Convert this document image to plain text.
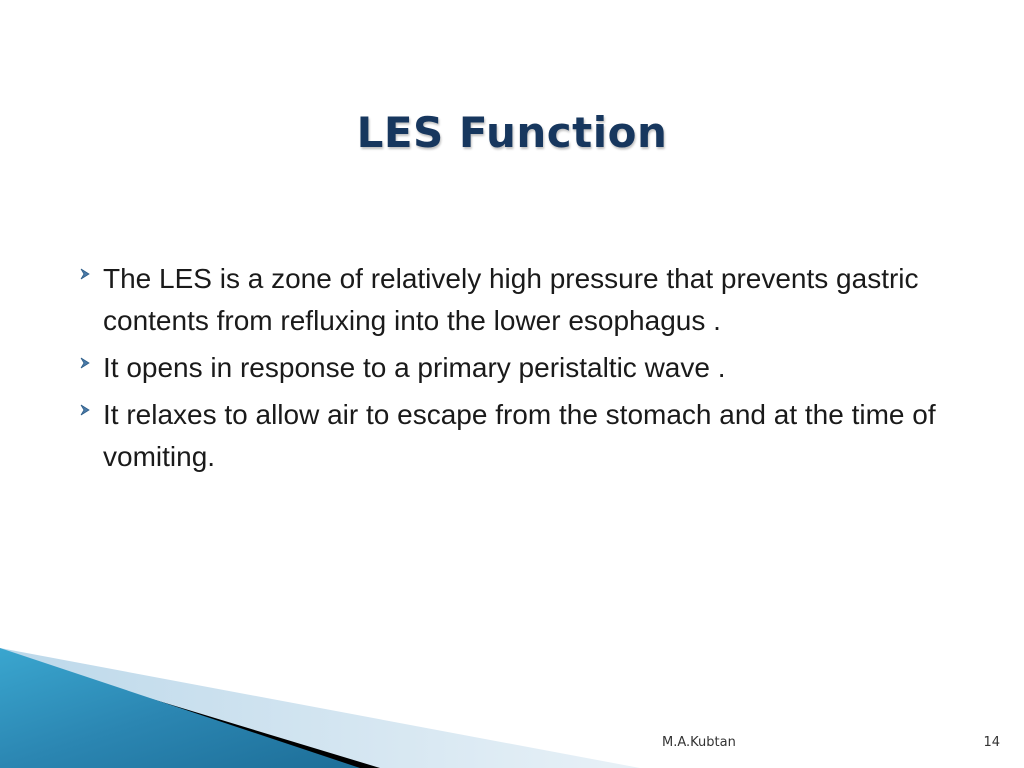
LES Function
The LES is a zone of relatively high pressure that prevents gastric contents from refluxing into the lower esophagus .
It opens in response to a primary peristaltic wave .
It relaxes to allow air to escape from the stomach and at the time of vomiting.
M.A.Kubtan	14
